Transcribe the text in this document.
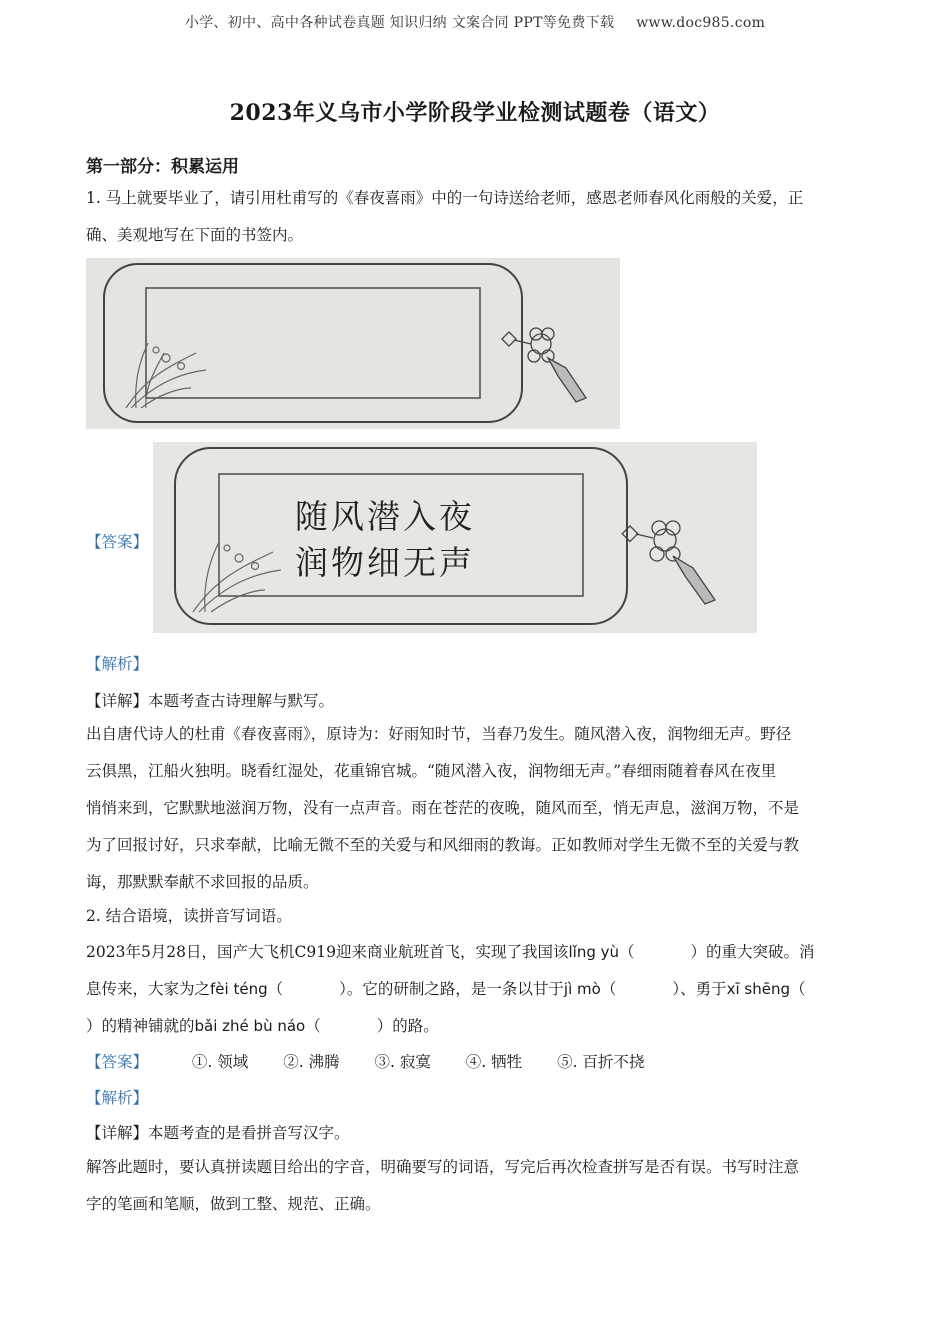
小学、初中、高中各种试卷真题 知识归纳 文案合同 PPT等免费下载 www.doc985.com
2023年义乌市小学阶段学业检测试题卷（语文）
第一部分：积累运用
1. 马上就要毕业了，请引用杜甫写的《春夜喜雨》中的一句诗送给老师，感恩老师春风化雨般的关爱，正
确、美观地写在下面的书签内。
【答案】
随风潜入夜
润物细无声
【解析】
【详解】本题考查古诗理解与默写。
出自唐代诗人的杜甫《春夜喜雨》，原诗为：好雨知时节，当春乃发生。随风潜入夜，润物细无声。野径
云俱黑，江船火独明。晓看红湿处，花重锦官城。“随风潜入夜，润物细无声。”春细雨随着春风在夜里
悄悄来到，它默默地滋润万物，没有一点声音。雨在苍茫的夜晚，随风而至，悄无声息，滋润万物，不是
为了回报讨好，只求奉献，比喻无微不至的关爱与和风细雨的教诲。正如教师对学生无微不至的关爱与教
诲，那默默奉献不求回报的品质。
2. 结合语境，读拼音写词语。
2023年5月28日，国产大飞机C919迎来商业航班首飞，实现了我国该lǐng yù（	）的重大突破。消
息传来，大家为之fèi téng（	）。它的研制之路，是一条以甘于jì mò（	）、勇于xī shēng（
）的精神铺就的bǎi zhé bù náo（	）的路。
【答案】	①. 领域 ②. 沸腾 ③. 寂寞 ④. 牺牲 ⑤. 百折不挠
【解析】
【详解】本题考查的是看拼音写汉字。
解答此题时，要认真拼读题目给出的字音，明确要写的词语，写完后再次检查拼写是否有误。书写时注意
字的笔画和笔顺，做到工整、规范、正确。
